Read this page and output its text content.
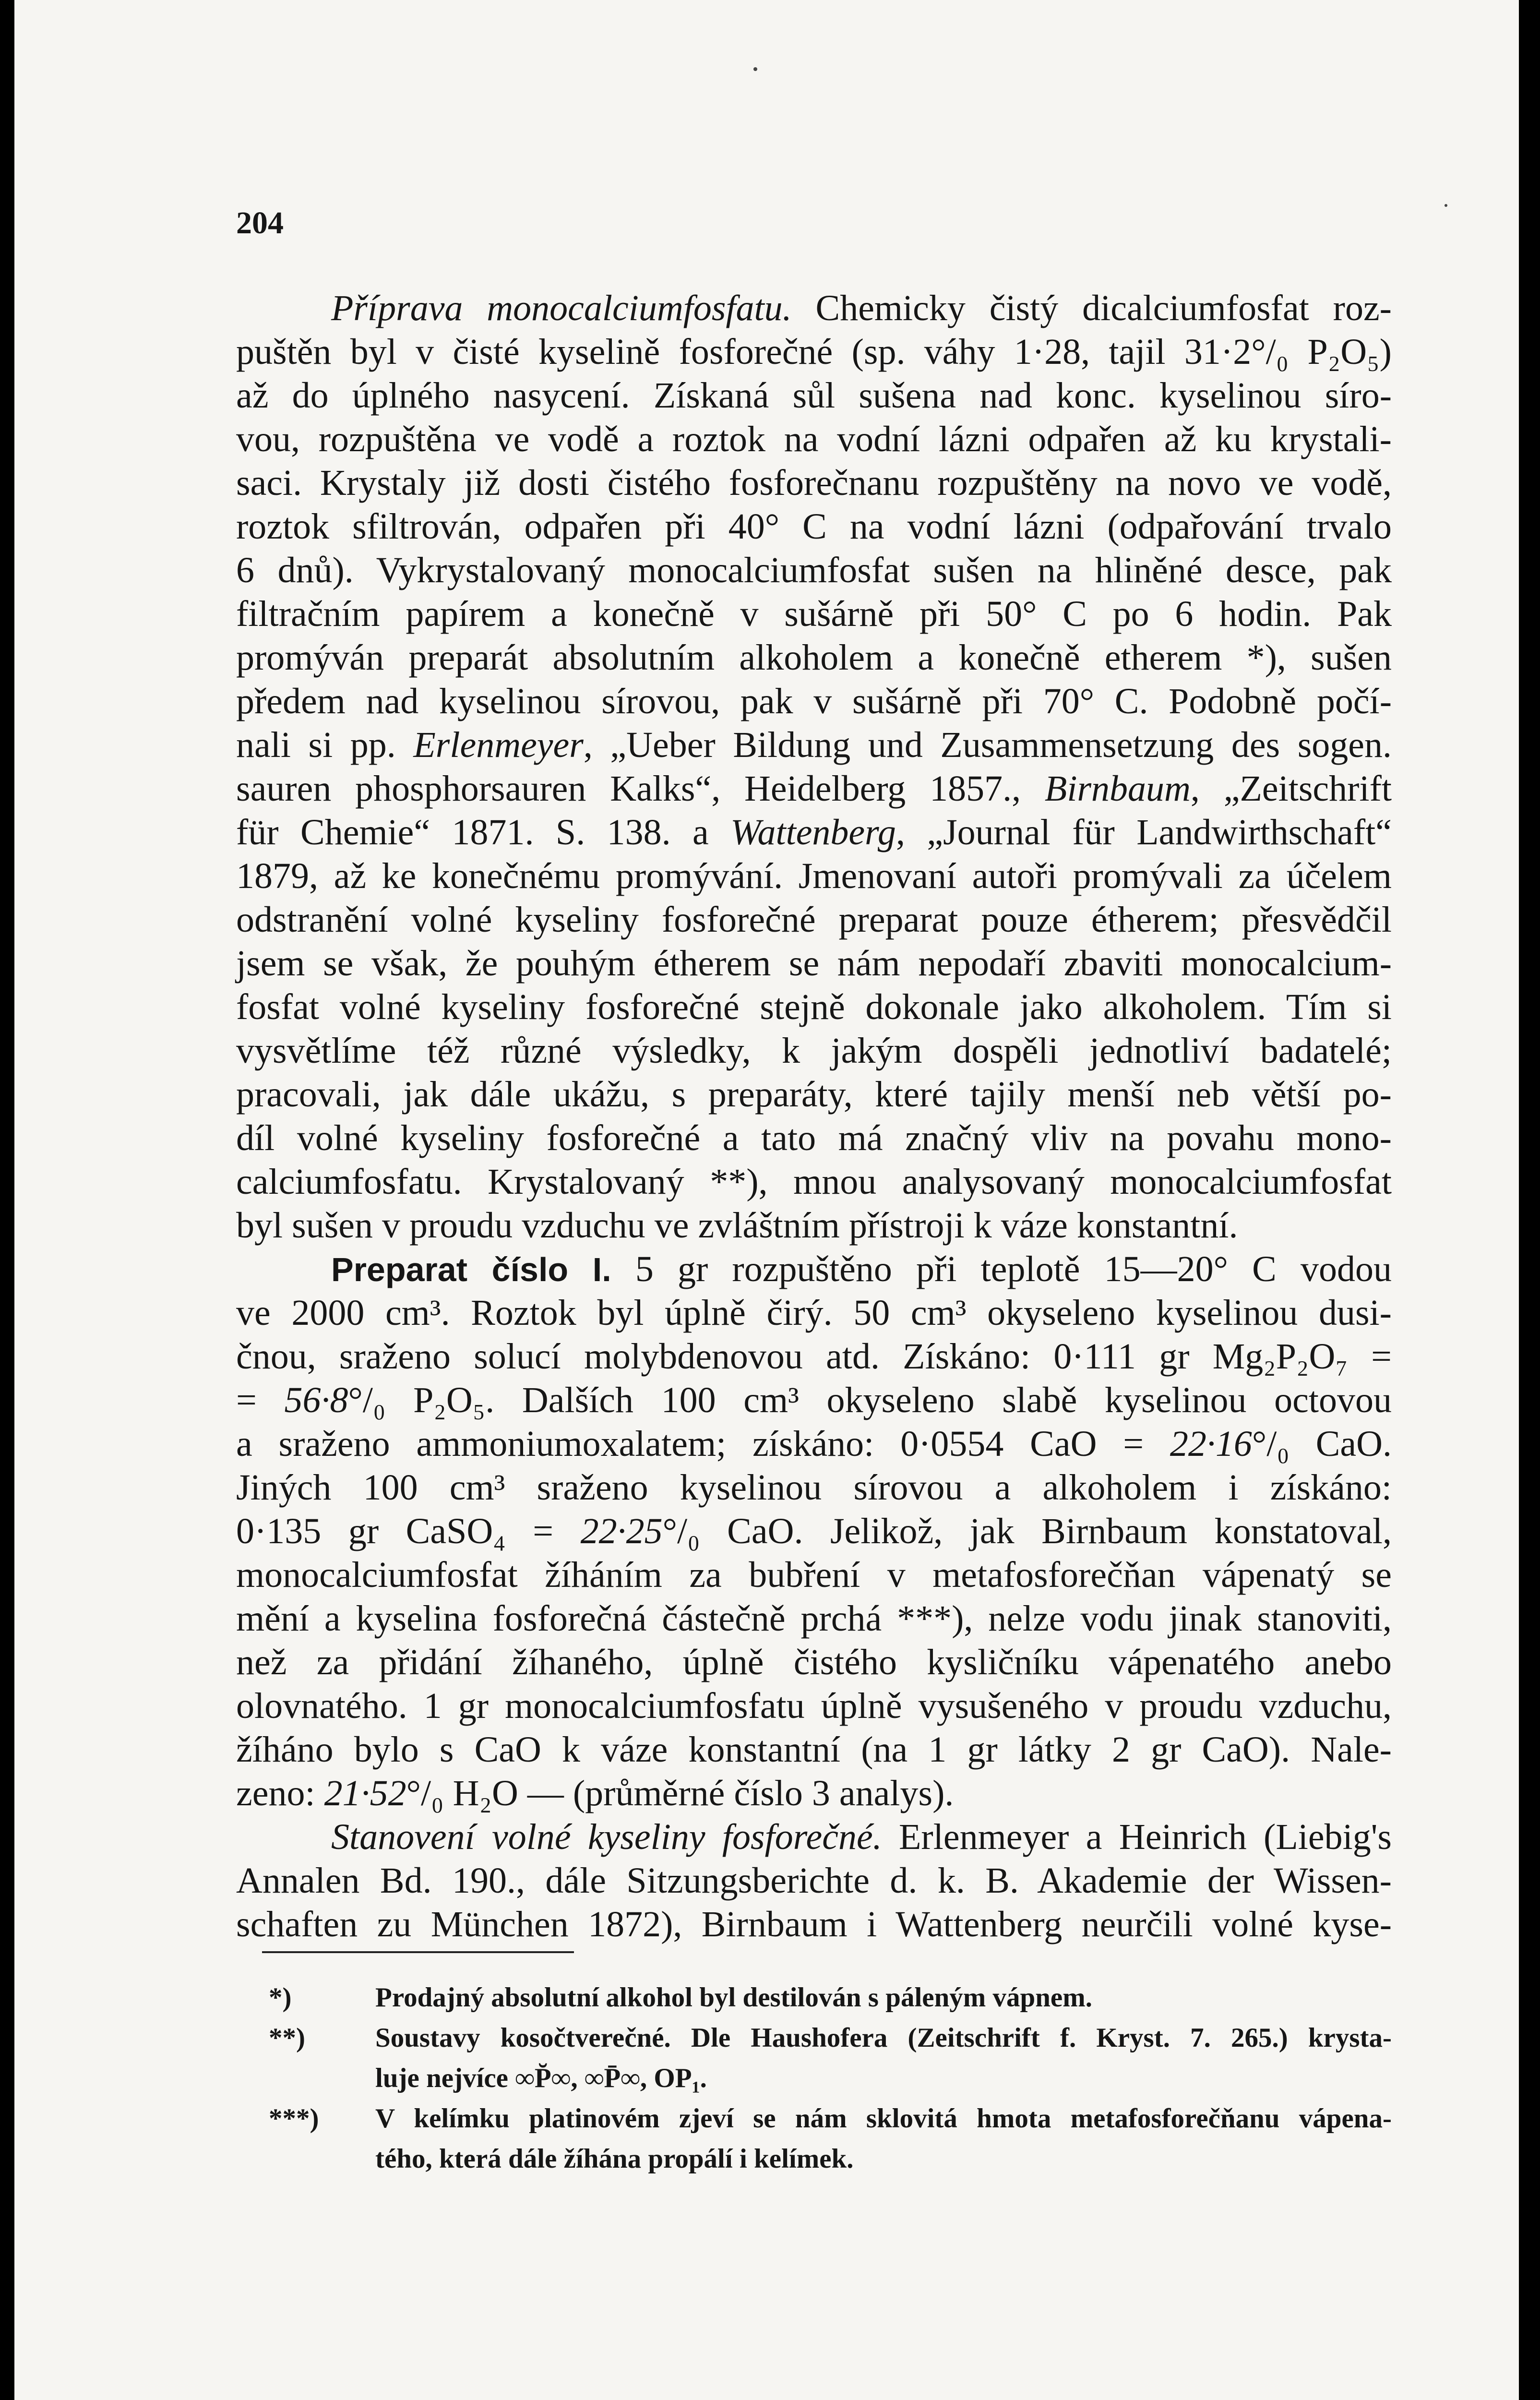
204
Příprava monocalciumfosfatu. Chemicky čistý dicalciumfosfat roz-
puštěn byl v čisté kyselině fosforečné (sp. váhy 1·28, tajil 31·2°/₀ P₂O₅)
až do úplného nasycení. Získaná sůl sušena nad konc. kyselinou sírо-
vou, rozpuštěna ve vodě a roztok na vodní lázni odpařen až ku krystali-
saci. Krystaly již dosti čistého fosforečnanu rozpuštěny na novo ve vodě,
roztok sfiltrován, odpařen při 40° C na vodní lázni (odpařování trvalo
6 dnů). Vykrystalovaný monocalciumfosfat sušen na hliněné desce, pak
filtračním papírem a konečně v sušárně při 50° C po 6 hodin. Pak
promýván preparát absolutním alkoholem a konečně etherem *), sušen
předem nad kyselinou sírovou, pak v sušárně při 70° C. Podobně počí-
nali si pp. Erlenmeyer, „Ueber Bildung und Zusammensetzung des sogen.
sauren phosphorsauren Kalks“, Heidelberg 1857., Birnbaum, „Zeitschrift
für Chemie“ 1871. S. 138. a Wattenberg, „Journal für Landwirthschaft“
1879, až ke konečnému promývání. Jmenovaní autoři promývali za účelem
odstranění volné kyseliny fosforečné preparat pouze étherem; přesvědčil
jsem se však, že pouhým étherem se nám nepodaří zbaviti monocalcium-
fosfat volné kyseliny fosforečné stejně dokonale jako alkoholem. Tím si
vysvětlíme též různé výsledky, k jakým dospěli jednotliví badatelé;
pracovali, jak dále ukážu, s preparáty, které tajily menší neb větší po-
díl volné kyseliny fosforečné a tato má značný vliv na povahu mono-
calciumfosfatu. Krystalovaný **), mnou analysovaný monocalciumfosfat
byl sušen v proudu vzduchu ve zvláštním přístroji k váze konstantní.
Preparat číslo I. 5 gr rozpuštěno při teplotě 15—20° C vodou
ve 2000 cm³. Roztok byl úplně čirý. 50 cm³ okyseleno kyselinou dusi-
čnou, sraženo solucí molybdenovou atd. Získáno: 0·111 gr Mg₂P₂O₇ =
= 56·8°/₀ P₂O₅. Dalších 100 cm³ okyseleno slabě kyselinou octovou
a sraženo ammoniumoxalatem; získáno: 0·0554 CaO = 22·16°/₀ CaO.
Jiných 100 cm³ sraženo kyselinou sírovou a alkoholem i získáno:
0·135 gr CaSO₄ = 22·25°/₀ CaO. Jelikož, jak Birnbaum konstatoval,
monocalciumfosfat žíháním za bubření v metafosforečňan vápenatý se
mění a kyselina fosforečná částečně prchá ***), nelze vodu jinak stanoviti,
než za přidání žíhaného, úplně čistého kysličníku vápenatého anebo
olovnatého. 1 gr monocalciumfosfatu úplně vysušeného v proudu vzduchu,
žíháno bylo s CaO k váze konstantní (na 1 gr látky 2 gr CaO). Nale-
zeno: 21·52°/₀ H₂O — (průměrné číslo 3 analys).
Stanovení volné kyseliny fosforečné. Erlenmeyer a Heinrich (Liebig's
Annalen Bd. 190., dále Sitzungsberichte d. k. B. Akademie der Wissen-
schaften zu München 1872), Birnbaum i Wattenberg neurčili volné kyse-
*)	Prodajný absolutní alkohol byl destilován s páleným vápnem.
**)	Soustavy kosočtverečné. Dle Haushofera (Zeitschrift f. Kryst. 7. 265.) krysta-
luje nejvíce ∞P̆∞, ∞P̄∞, OP₁.
***) V kelímku platinovém zjeví se nám sklovitá hmota metafosforečňanu vápena-
tého, která dále žíhána propálí i kelímek.
